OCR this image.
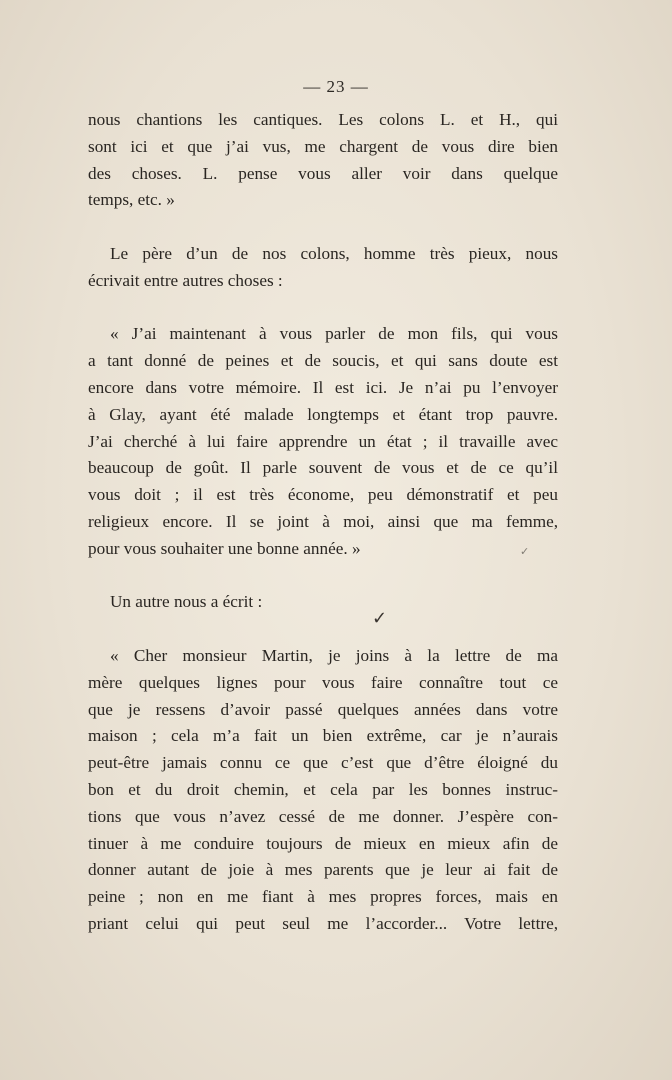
— 23 —
nous chantions les cantiques. Les colons L. et H., qui
sont ici et que j’ai vus, me chargent de vous dire bien
des choses. L. pense vous aller voir dans quelque
temps, etc. »
Le père d’un de nos colons, homme très pieux, nous
écrivait entre autres choses :
« J’ai maintenant à vous parler de mon fils, qui vous
a tant donné de peines et de soucis, et qui sans doute est
encore dans votre mémoire. Il est ici. Je n’ai pu l’envoyer
à Glay, ayant été malade longtemps et étant trop pauvre.
J’ai cherché à lui faire apprendre un état ; il travaille avec
beaucoup de goût. Il parle souvent de vous et de ce qu’il
vous doit ; il est très économe, peu démonstratif et peu
religieux encore. Il se joint à moi, ainsi que ma femme,
pour vous souhaiter une bonne année. »
Un autre nous a écrit :
« Cher monsieur Martin, je joins à la lettre de ma
mère quelques lignes pour vous faire connaître tout ce
que je ressens d’avoir passé quelques années dans votre
maison ; cela m’a fait un bien extrême, car je n’aurais
peut-être jamais connu ce que c’est que d’être éloigné du
bon et du droit chemin, et cela par les bonnes instruc-
tions que vous n’avez cessé de me donner. J’espère con-
tinuer à me conduire toujours de mieux en mieux afin de
donner autant de joie à mes parents que je leur ai fait de
peine ; non en me fiant à mes propres forces, mais en
priant celui qui peut seul me l’accorder... Votre lettre,
✓
✓
